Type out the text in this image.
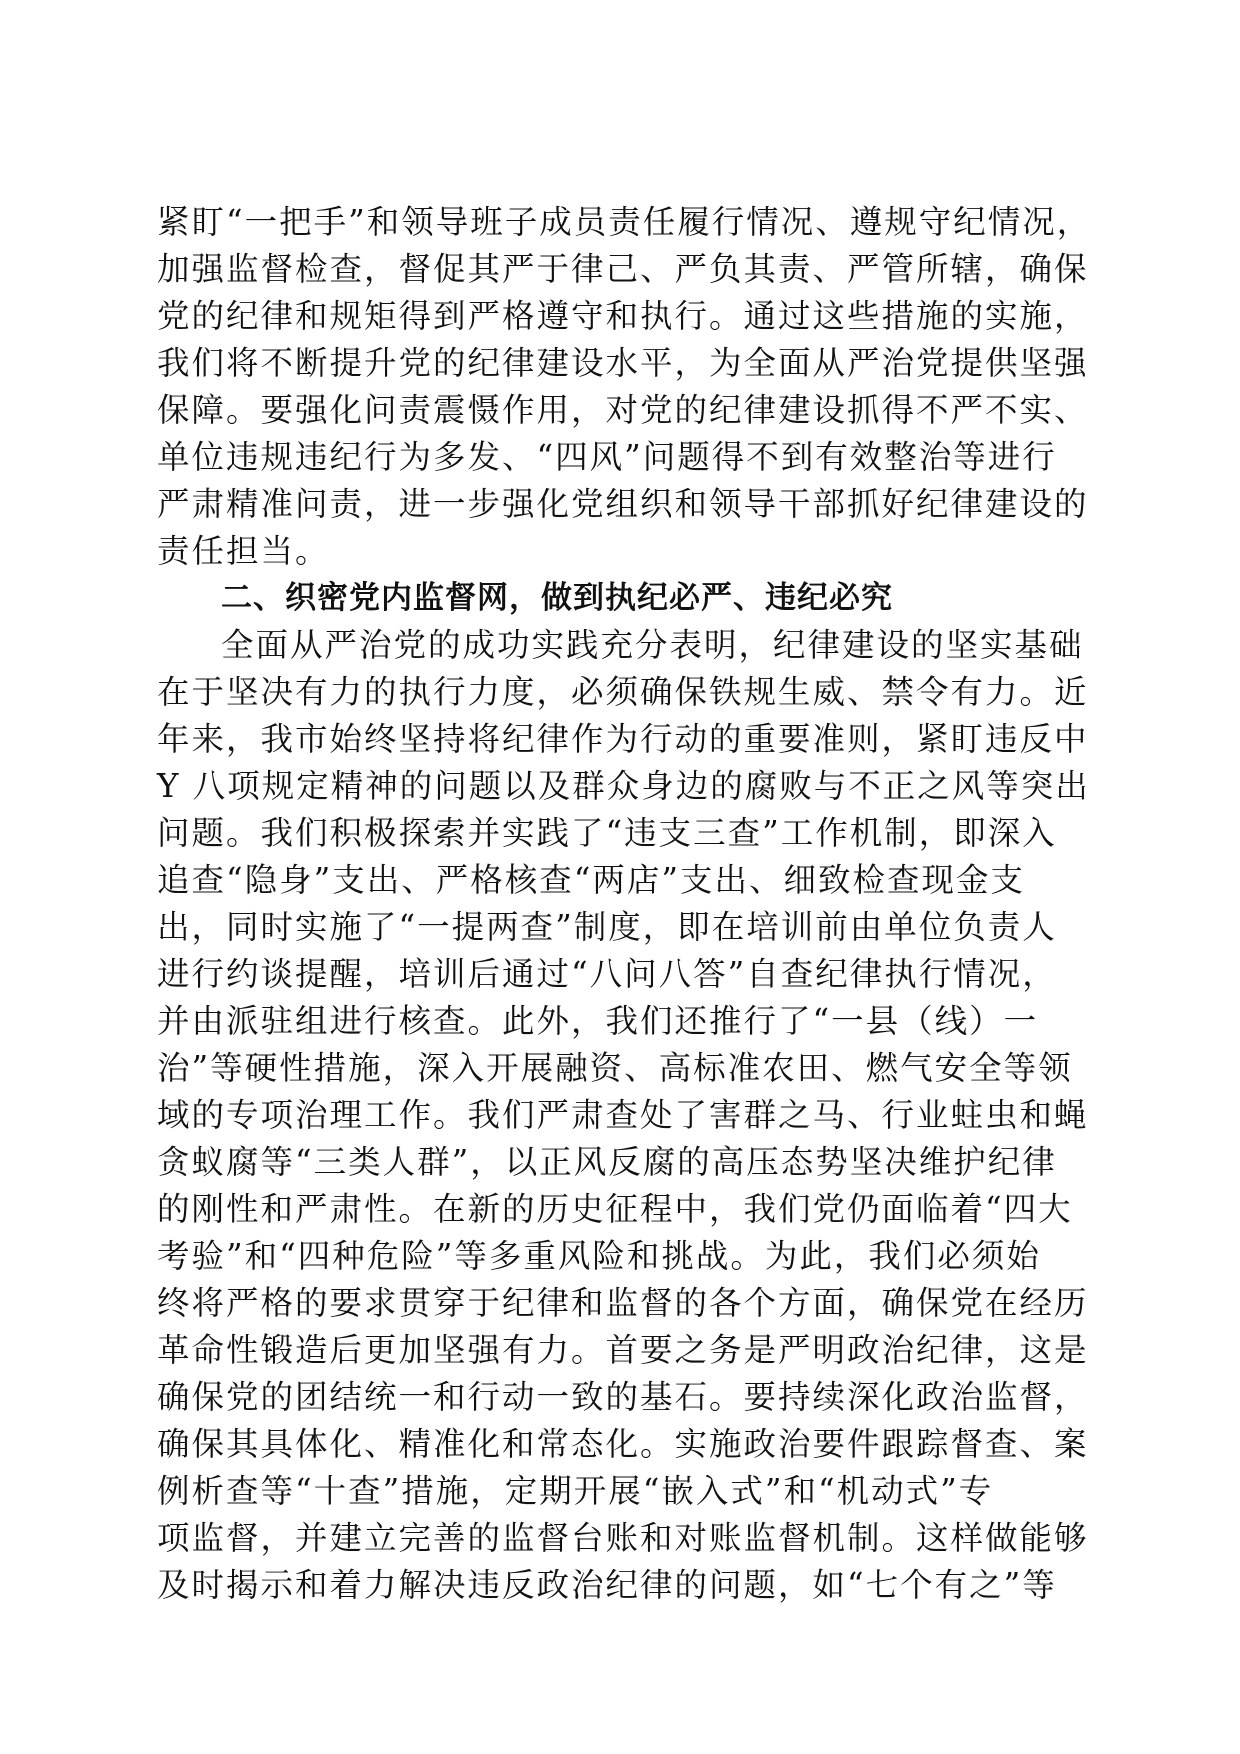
紧盯“一把手”和领导班子成员责任履行情况、遵规守纪情况，
加强监督检查，督促其严于律己、严负其责、严管所辖，确保
党的纪律和规矩得到严格遵守和执行。通过这些措施的实施，
我们将不断提升党的纪律建设水平，为全面从严治党提供坚强
保障。要强化问责震慑作用，对党的纪律建设抓得不严不实、
单位违规违纪行为多发、“四风”问题得不到有效整治等进行
严肃精准问责，进一步强化党组织和领导干部抓好纪律建设的
责任担当。
二、织密党内监督网，做到执纪必严、违纪必究
全面从严治党的成功实践充分表明，纪律建设的坚实基础
在于坚决有力的执行力度，必须确保铁规生威、禁令有力。近
年来，我市始终坚持将纪律作为行动的重要准则，紧盯违反中
Y 八项规定精神的问题以及群众身边的腐败与不正之风等突出
问题。我们积极探索并实践了“违支三查”工作机制，即深入
追查“隐身”支出、严格核查“两店”支出、细致检查现金支
出，同时实施了“一提两查”制度，即在培训前由单位负责人
进行约谈提醒，培训后通过“八问八答”自查纪律执行情况，
并由派驻组进行核查。此外，我们还推行了“一县（线）一
治”等硬性措施，深入开展融资、高标准农田、燃气安全等领
域的专项治理工作。我们严肃查处了害群之马、行业蛀虫和蝇
贪蚁腐等“三类人群”，以正风反腐的高压态势坚决维护纪律
的刚性和严肃性。在新的历史征程中，我们党仍面临着“四大
考验”和“四种危险”等多重风险和挑战。为此，我们必须始
终将严格的要求贯穿于纪律和监督的各个方面，确保党在经历
革命性锻造后更加坚强有力。首要之务是严明政治纪律，这是
确保党的团结统一和行动一致的基石。要持续深化政治监督，
确保其具体化、精准化和常态化。实施政治要件跟踪督查、案
例析查等“十查”措施，定期开展“嵌入式”和“机动式”专
项监督，并建立完善的监督台账和对账监督机制。这样做能够
及时揭示和着力解决违反政治纪律的问题，如“七个有之”等
